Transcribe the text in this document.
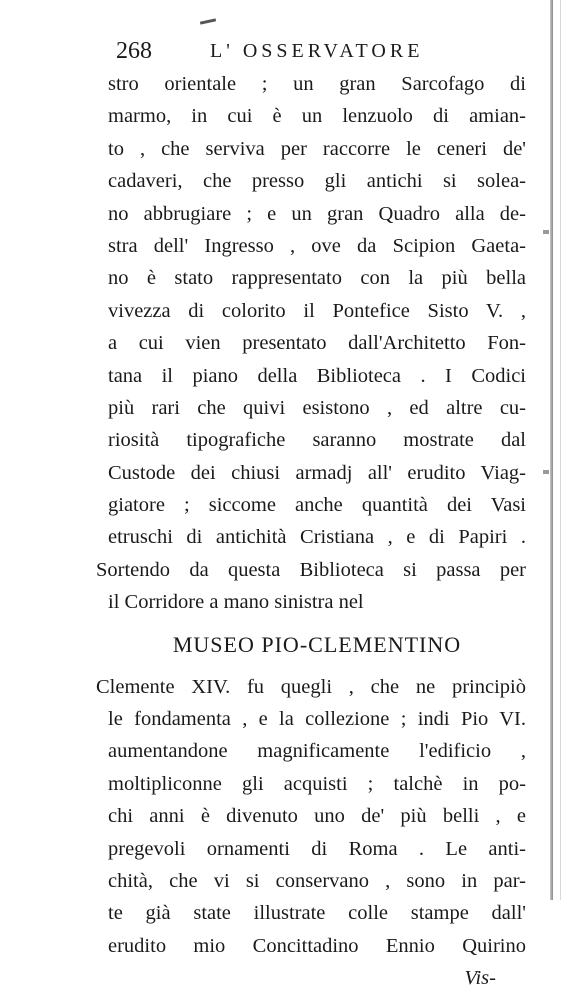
268	L' OSSERVATORE
stro orientale ; un gran Sarcofago di
marmo, in cui è un lenzuolo di amian-
to , che serviva per raccorre le ceneri de'
cadaveri, che presso gli antichi si solea-
no abbrugiare ; e un gran Quadro alla de-
stra dell' Ingresso , ove da Scipion Gaeta-
no è stato rappresentato con la più bella
vivezza di colorito il Pontefice Sisto V. ,
a cui vien presentato dall'Architetto Fon-
tana il piano della Biblioteca . I Codici
più rari che quivi esistono , ed altre cu-
riosità tipografiche saranno mostrate dal
Custode dei chiusi armadj all' erudito Viag-
giatore ; siccome anche quantità dei Vasi
etruschi di antichità Cristiana , e di Papiri .
Sortendo da questa Biblioteca si passa per
il Corridore a mano sinistra nel
MUSEO PIO-CLEMENTINO
Clemente XIV. fu quegli , che ne principiò
le fondamenta , e la collezione ; indi Pio VI.
aumentandone magnificamente l'edificio ,
moltipliconne gli acquisti ; talchè in po-
chi anni è divenuto uno de' più belli , e
pregevoli ornamenti di Roma . Le anti-
chità, che vi si conservano , sono in par-
te già state illustrate colle stampe dall'
erudito mio Concittadino Ennio Quirino
Vis-
